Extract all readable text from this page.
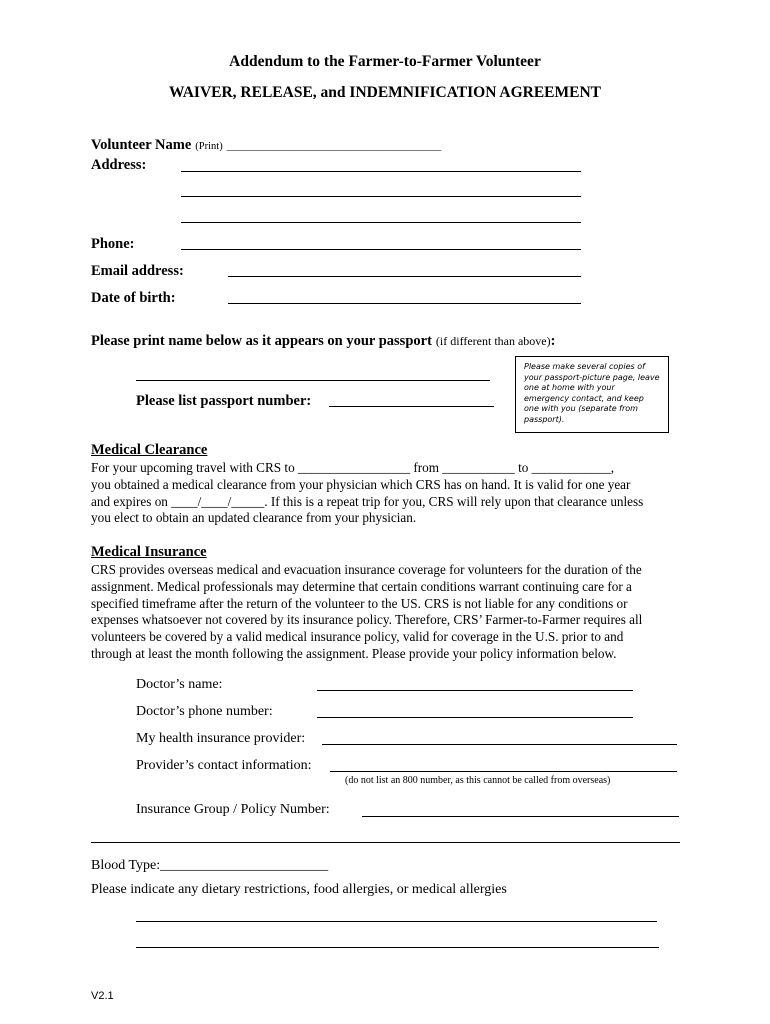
Addendum to the Farmer-to-Farmer Volunteer
WAIVER, RELEASE, and INDEMNIFICATION AGREEMENT
Volunteer Name (Print) _______________________________________
Address:
Phone:
Email address:
Date of birth:
Please print name below as it appears on your passport (if different than above):
Please list passport number:
Please make several copies of your passport-picture page, leave one at home with your emergency contact, and keep one with you (separate from passport).
Medical Clearance
For your upcoming travel with CRS to _________________ from ___________ to ____________,
you obtained a medical clearance from your physician which CRS has on hand. It is valid for one year
and expires on ____/____/_____. If this is a repeat trip for you, CRS will rely upon that clearance unless
you elect to obtain an updated clearance from your physician.
Medical Insurance
CRS provides overseas medical and evacuation insurance coverage for volunteers for the duration of the
assignment. Medical professionals may determine that certain conditions warrant continuing care for a
specified timeframe after the return of the volunteer to the US. CRS is not liable for any conditions or
expenses whatsoever not covered by its insurance policy. Therefore, CRS’ Farmer-to-Farmer requires all
volunteers be covered by a valid medical insurance policy, valid for coverage in the U.S. prior to and
through at least the month following the assignment. Please provide your policy information below.
Doctor’s name:
Doctor’s phone number:
My health insurance provider:
Provider’s contact information:
(do not list an 800 number, as this cannot be called from overseas)
Insurance Group / Policy Number:
Blood Type:________________________
Please indicate any dietary restrictions, food allergies, or medical allergies
V2.1
